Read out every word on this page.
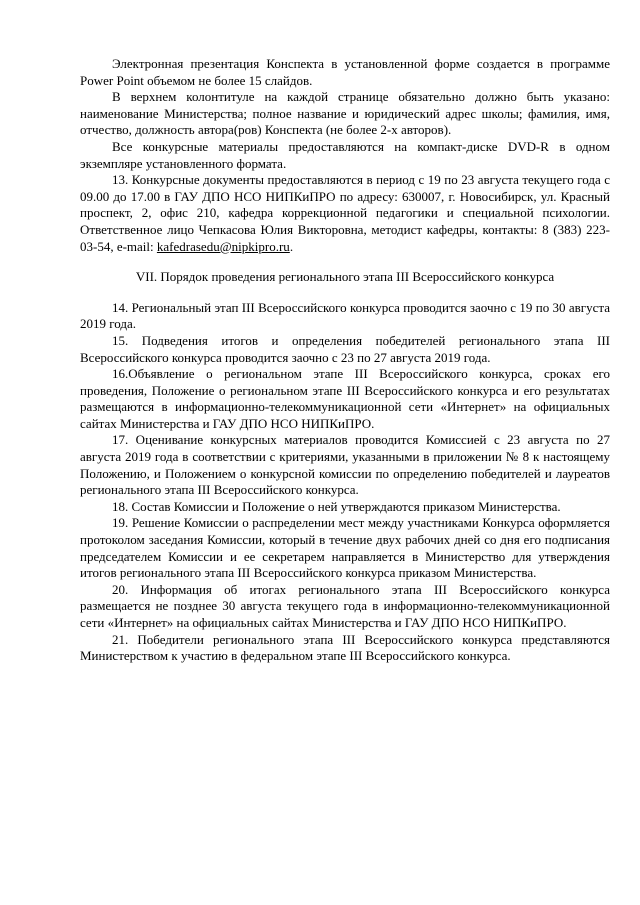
Электронная презентация Конспекта в установленной форме создается в программе Power Point объемом не более 15 слайдов.

В верхнем колонтитуле на каждой странице обязательно должно быть указано: наименование Министерства; полное название и юридический адрес школы; фамилия, имя, отчество, должность автора(ров) Конспекта (не более 2-х авторов).

Все конкурсные материалы предоставляются на компакт-диске DVD-R в одном экземпляре установленного формата.

13. Конкурсные документы предоставляются в период с 19 по 23 августа текущего года с 09.00 до 17.00 в ГАУ ДПО НСО НИПКиПРО по адресу: 630007, г. Новосибирск, ул. Красный проспект, 2, офис 210, кафедра коррекционной педагогики и специальной психологии. Ответственное лицо Чепкасова Юлия Викторовна, методист кафедры, контакты: 8 (383) 223-03-54, e-mail: kafedrasedu@nipkipro.ru.

VII. Порядок проведения регионального этапа III Всероссийского конкурса

14. Региональный этап III Всероссийского конкурса проводится заочно с 19 по 30 августа 2019 года.

15. Подведения итогов и определения победителей регионального этапа III Всероссийского конкурса проводится заочно с 23 по 27 августа 2019 года.

16.Объявление о региональном этапе III Всероссийского конкурса, сроках его проведения, Положение о региональном этапе III Всероссийского конкурса и его результатах размещаются в информационно-телекоммуникационной сети «Интернет» на официальных сайтах Министерства и ГАУ ДПО НСО НИПКиПРО.

17. Оценивание конкурсных материалов проводится Комиссией с 23 августа по 27 августа 2019 года в соответствии с критериями, указанными в приложении № 8 к настоящему Положению, и Положением о конкурсной комиссии по определению победителей и лауреатов регионального этапа III Всероссийского конкурса.

18. Состав Комиссии и Положение о ней утверждаются приказом Министерства.

19. Решение Комиссии о распределении мест между участниками Конкурса оформляется протоколом заседания Комиссии, который в течение двух рабочих дней со дня его подписания председателем Комиссии и ее секретарем направляется в Министерство для утверждения итогов регионального этапа III Всероссийского конкурса приказом Министерства.

20. Информация об итогах регионального этапа III Всероссийского конкурса размещается не позднее 30 августа текущего года в информационно-телекоммуникационной сети «Интернет» на официальных сайтах Министерства и ГАУ ДПО НСО НИПКиПРО.

21. Победители регионального этапа III Всероссийского конкурса представляются Министерством к участию в федеральном этапе III Всероссийского конкурса.
